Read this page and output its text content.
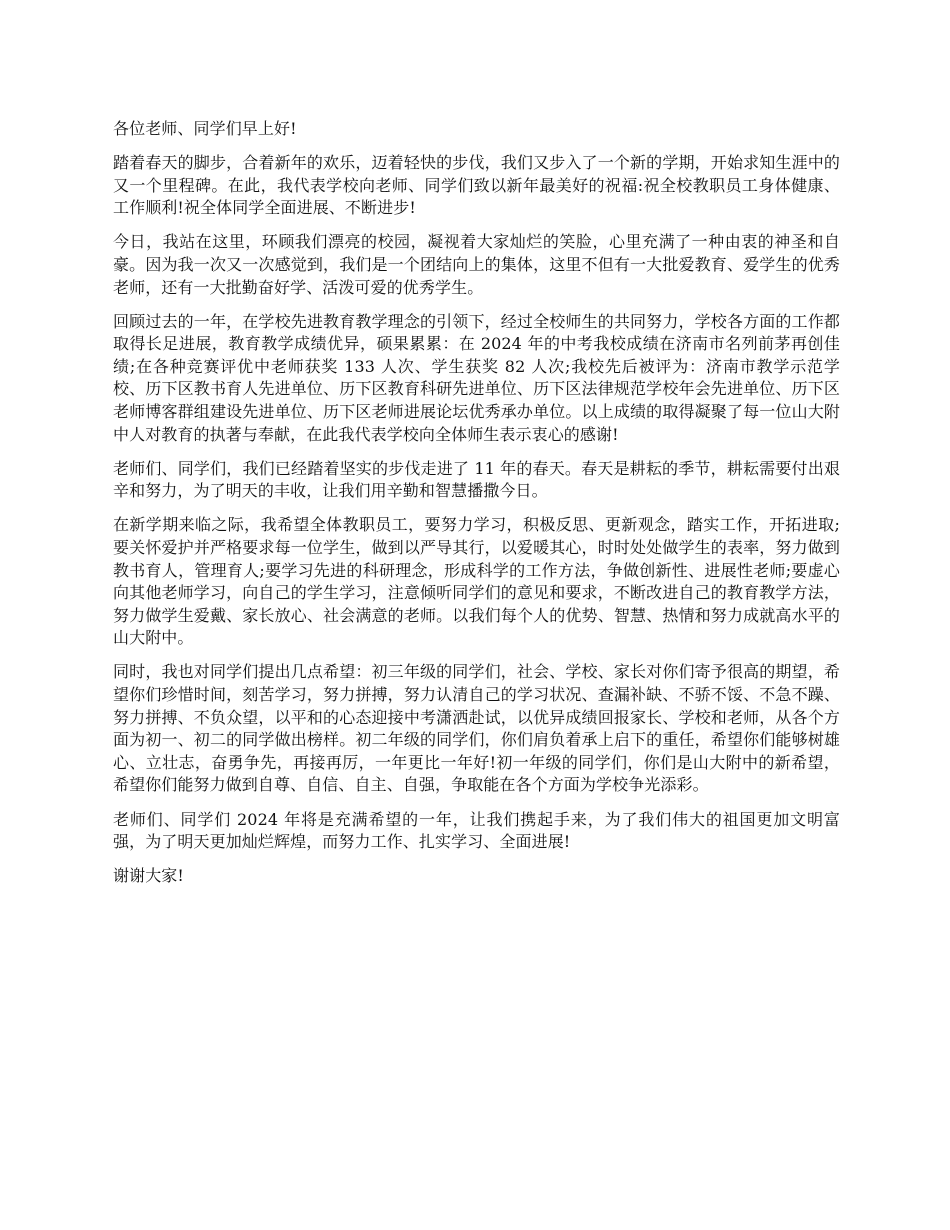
各位老师、同学们早上好!

踏着春天的脚步，合着新年的欢乐，迈着轻快的步伐，我们又步入了一个新的学期，开始求知生涯中的又一个里程碑。在此，我代表学校向老师、同学们致以新年最美好的祝福:祝全校教职员工身体健康、工作顺利!祝全体同学全面进展、不断进步!

今日，我站在这里，环顾我们漂亮的校园，凝视着大家灿烂的笑脸，心里充满了一种由衷的神圣和自豪。因为我一次又一次感觉到，我们是一个团结向上的集体，这里不但有一大批爱教育、爱学生的优秀老师，还有一大批勤奋好学、活泼可爱的优秀学生。

回顾过去的一年，在学校先进教育教学理念的引领下，经过全校师生的共同努力，学校各方面的工作都取得长足进展，教育教学成绩优异，硕果累累：在 2024 年的中考我校成绩在济南市名列前茅再创佳绩;在各种竞赛评优中老师获奖 133 人次、学生获奖 82 人次;我校先后被评为：济南市教学示范学校、历下区教书育人先进单位、历下区教育科研先进单位、历下区法律规范学校年会先进单位、历下区老师博客群组建设先进单位、历下区老师进展论坛优秀承办单位。以上成绩的取得凝聚了每一位山大附中人对教育的执著与奉献，在此我代表学校向全体师生表示衷心的感谢!

老师们、同学们，我们已经踏着坚实的步伐走进了 11 年的春天。春天是耕耘的季节，耕耘需要付出艰辛和努力，为了明天的丰收，让我们用辛勤和智慧播撒今日。

在新学期来临之际，我希望全体教职员工，要努力学习，积极反思、更新观念，踏实工作，开拓进取;要关怀爱护并严格要求每一位学生，做到以严导其行，以爱暖其心，时时处处做学生的表率，努力做到教书育人，管理育人;要学习先进的科研理念，形成科学的工作方法，争做创新性、进展性老师;要虚心向其他老师学习，向自己的学生学习，注意倾听同学们的意见和要求，不断改进自己的教育教学方法，努力做学生爱戴、家长放心、社会满意的老师。以我们每个人的优势、智慧、热情和努力成就高水平的山大附中。

同时，我也对同学们提出几点希望：初三年级的同学们，社会、学校、家长对你们寄予很高的期望，希望你们珍惜时间，刻苦学习，努力拼搏，努力认清自己的学习状况、查漏补缺、不骄不馁、不急不躁、努力拼搏、不负众望，以平和的心态迎接中考潇洒赴试，以优异成绩回报家长、学校和老师，从各个方面为初一、初二的同学做出榜样。初二年级的同学们，你们肩负着承上启下的重任，希望你们能够树雄心、立壮志，奋勇争先，再接再厉，一年更比一年好!初一年级的同学们，你们是山大附中的新希望，希望你们能努力做到自尊、自信、自主、自强，争取能在各个方面为学校争光添彩。

老师们、同学们 2024 年将是充满希望的一年，让我们携起手来，为了我们伟大的祖国更加文明富强，为了明天更加灿烂辉煌，而努力工作、扎实学习、全面进展!

谢谢大家!
